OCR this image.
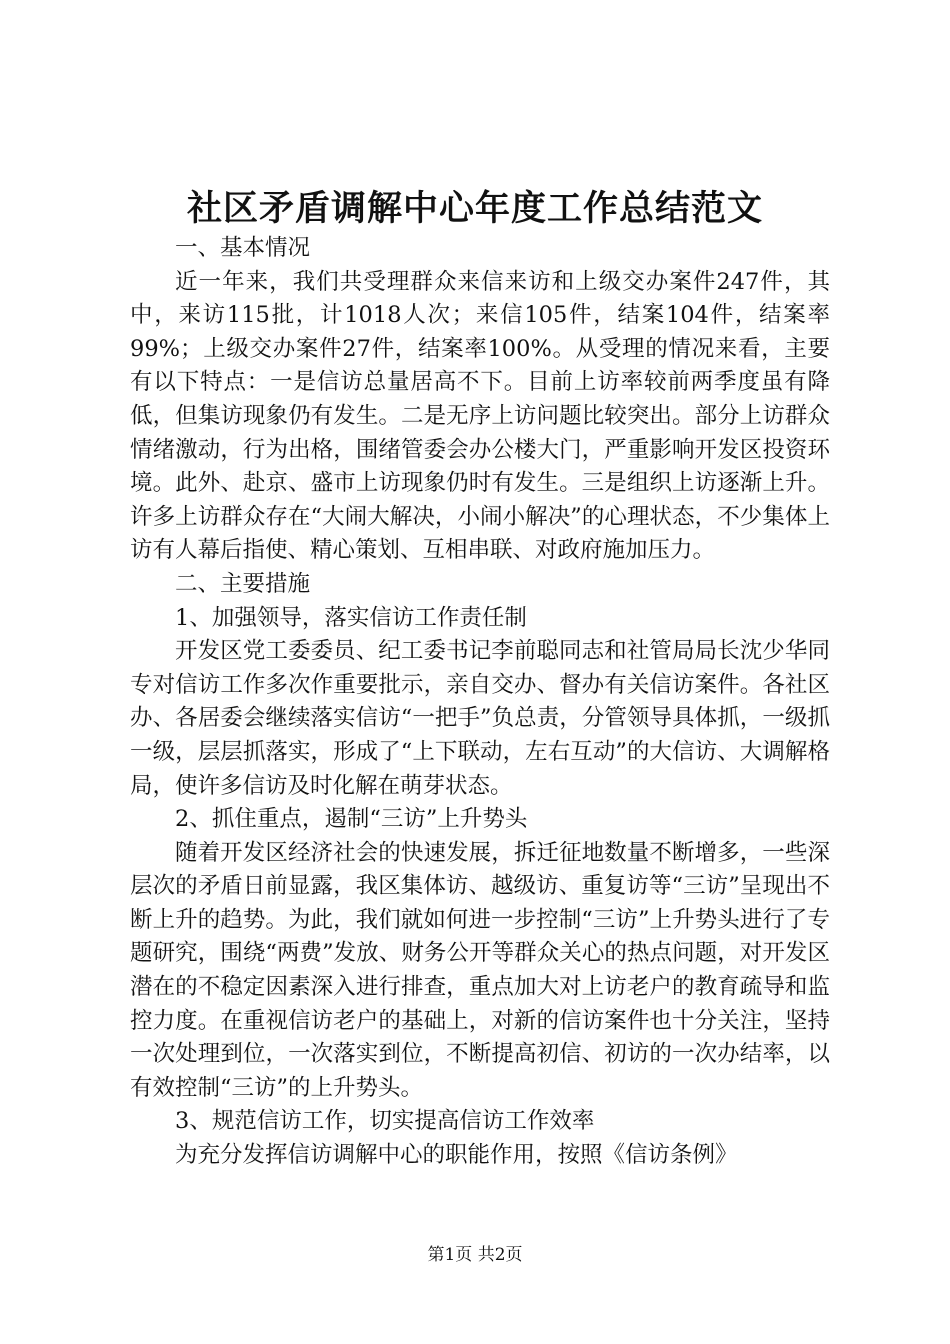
社区矛盾调解中心年度工作总结范文

一、基本情况

近一年来，我们共受理群众来信来访和上级交办案件247件，其中，来访115批，计1018人次；来信105件，结案104件，结案率99%；上级交办案件27件，结案率100%。从受理的情况来看，主要有以下特点：一是信访总量居高不下。目前上访率较前两季度虽有降低，但集访现象仍有发生。二是无序上访问题比较突出。部分上访群众情绪激动，行为出格，围绪管委会办公楼大门，严重影响开发区投资环境。此外、赴京、盛市上访现象仍时有发生。三是组织上访逐渐上升。许多上访群众存在“大闹大解决，小闹小解决”的心理状态，不少集体上访有人幕后指使、精心策划、互相串联、对政府施加压力。

二、主要措施

1、加强领导，落实信访工作责任制

开发区党工委委员、纪工委书记李前聪同志和社管局局长沈少华同专对信访工作多次作重要批示，亲自交办、督办有关信访案件。各社区办、各居委会继续落实信访“一把手”负总责，分管领导具体抓，一级抓一级，层层抓落实，形成了“上下联动，左右互动”的大信访、大调解格局，使许多信访及时化解在萌芽状态。

2、抓住重点，遏制“三访”上升势头

随着开发区经济社会的快速发展，拆迁征地数量不断增多，一些深层次的矛盾日前显露，我区集体访、越级访、重复访等“三访”呈现出不断上升的趋势。为此，我们就如何进一步控制“三访”上升势头进行了专题研究，围绕“两费”发放、财务公开等群众关心的热点问题，对开发区潜在的不稳定因素深入进行排查，重点加大对上访老户的教育疏导和监控力度。在重视信访老户的基础上，对新的信访案件也十分关注，坚持一次处理到位，一次落实到位，不断提高初信、初访的一次办结率，以有效控制“三访”的上升势头。

3、规范信访工作，切实提高信访工作效率

为充分发挥信访调解中心的职能作用，按照《信访条例》

第1页 共2页
